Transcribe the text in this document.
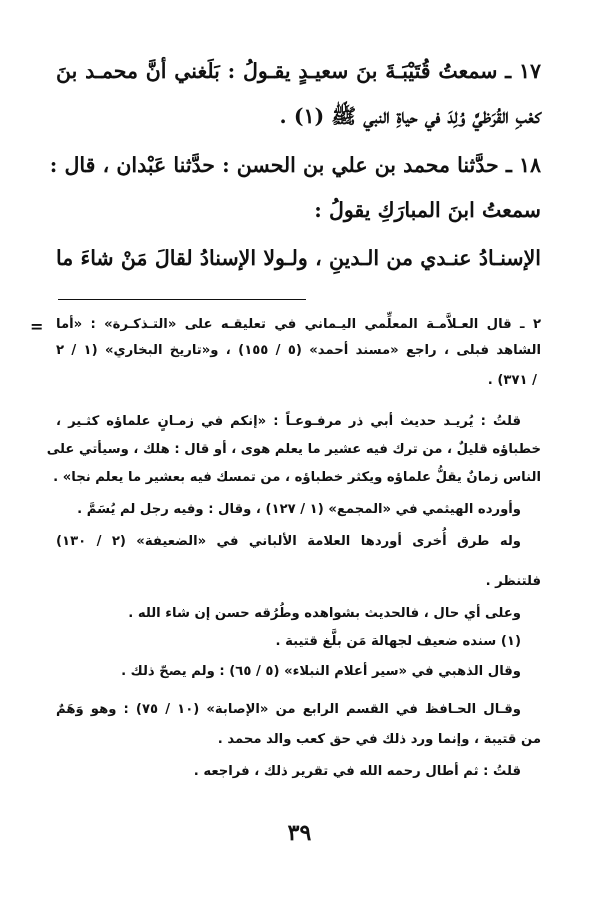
١٧ ـ سمعتُ قُتَيْبَـةَ بنَ سعيـدٍ يقـولُ : بَلَغني أنَّ محمـد بنَ
كعْبِ القُرَظيَّ وُلِدَ في حياةِ النبي ﷺ (١) .
١٨ ـ حدَّثنا محمد بن علي بن الحسن : حدَّثنا عَبْدان ، قال :
سمعتُ ابنَ المبارَكِ يقولُ :
الإسنـادُ عنـدي من الـدينِ ، ولـولا الإسنادُ لقالَ مَنْ شاءَ ما
= ٢ ـ قال العـلاَّمـة المعلِّمي اليـماني في تعليقـه على «التـذكـرة» : «أما
الشاهد فبلى ، راجع «مسند أحمد» (٥ / ١٥٥) ، و«تاريخ البخاري» (١ / ٢
/ ٣٧١) .
قلتُ : يُريـد حديث أبي ذر مرفـوعـاً : «إنكم في زمـانٍ علماؤه كثـير ،
خطباؤه قليلٌ ، من ترك فيه عشير ما يعلم هوى ، أو قال : هلك ، وسيأتي على
الناس زمانٌ يقلُّ علماؤه ويكثر خطباؤه ، من تمسك فيه بعشير ما يعلم نجا» .
وأورده الهيثمي في «المجمع» (١ / ١٢٧) ، وقال : وفيه رجل لم يُسَمَّ .
وله طرق أُخرى أوردها العلامة الألباني في «الضعيفة» (٢ / ١٣٠)
فلتنظر .
وعلى أي حال ، فالحديث بشواهده وطُرُقه حسن إن شاء الله .
(١) سنده ضعيف لجهالة مَن بلَّغ قتيبة .
وقال الذهبي في «سير أعلام النبلاء» (٥ / ٦٥) : ولم يصحّ ذلك .
وقـال الحـافظ في القسم الرابع من «الإصابة» (١٠ / ٧٥) : وهو وَهَمٌ
من قتيبة ، وإنما ورد ذلك في حق كعب والد محمد .
قلتُ : ثم أطال رحمه الله في تقرير ذلك ، فراجعه .
٣٩
